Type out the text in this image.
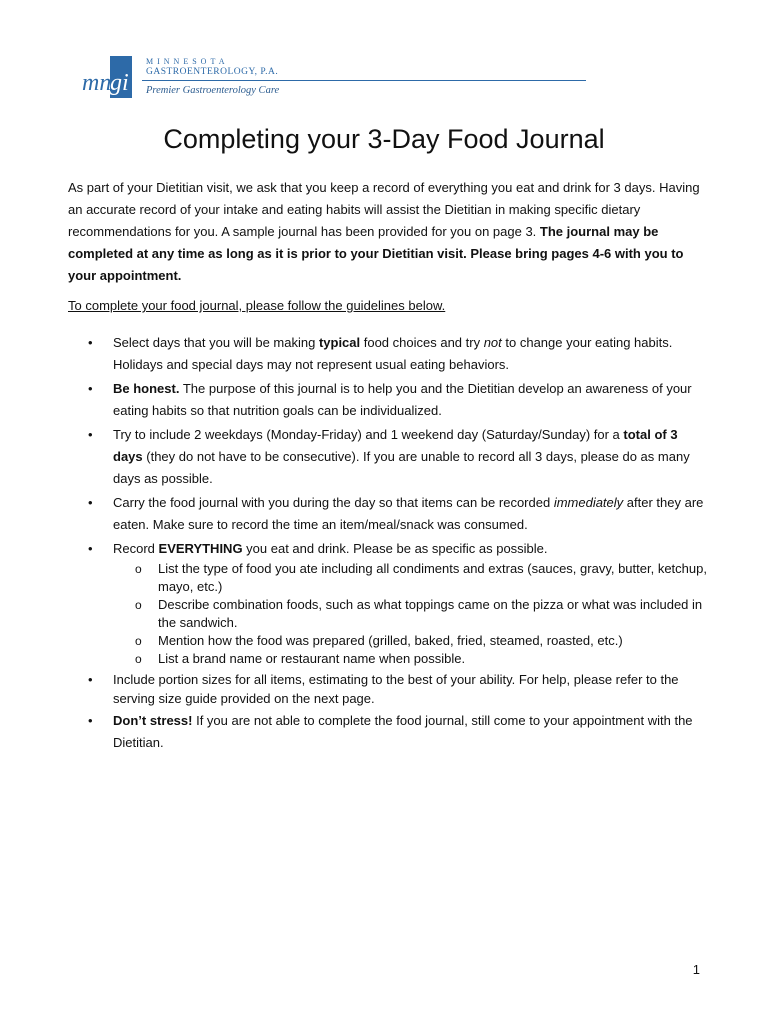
mn
gi
MINNESOTA
GASTROENTEROLOGY, P.A.
Premier Gastroenterology Care
Completing your 3-Day Food Journal

As part of your Dietitian visit, we ask that you keep a record of everything you eat and drink for 3 days. Having an accurate record of your intake and eating habits will assist the Dietitian in making specific dietary recommendations for you. A sample journal has been provided for you on page 3. The journal may be completed at any time as long as it is prior to your Dietitian visit. Please bring pages 4-6 with you to your appointment.

To complete your food journal, please follow the guidelines below.

• Select days that you will be making typical food choices and try not to change your eating habits. Holidays and special days may not represent usual eating behaviors.
• Be honest. The purpose of this journal is to help you and the Dietitian develop an awareness of your eating habits so that nutrition goals can be individualized.
• Try to include 2 weekdays (Monday-Friday) and 1 weekend day (Saturday/Sunday) for a total of 3 days (they do not have to be consecutive). If you are unable to record all 3 days, please do as many days as possible.
• Carry the food journal with you during the day so that items can be recorded immediately after they are eaten. Make sure to record the time an item/meal/snack was consumed.
• Record EVERYTHING you eat and drink. Please be as specific as possible.
o List the type of food you ate including all condiments and extras (sauces, gravy, butter, ketchup, mayo, etc.)
o Describe combination foods, such as what toppings came on the pizza or what was included in the sandwich.
o Mention how the food was prepared (grilled, baked, fried, steamed, roasted, etc.)
o List a brand name or restaurant name when possible.
• Include portion sizes for all items, estimating to the best of your ability. For help, please refer to the serving size guide provided on the next page.
• Don’t stress! If you are not able to complete the food journal, still come to your appointment with the Dietitian.
1
